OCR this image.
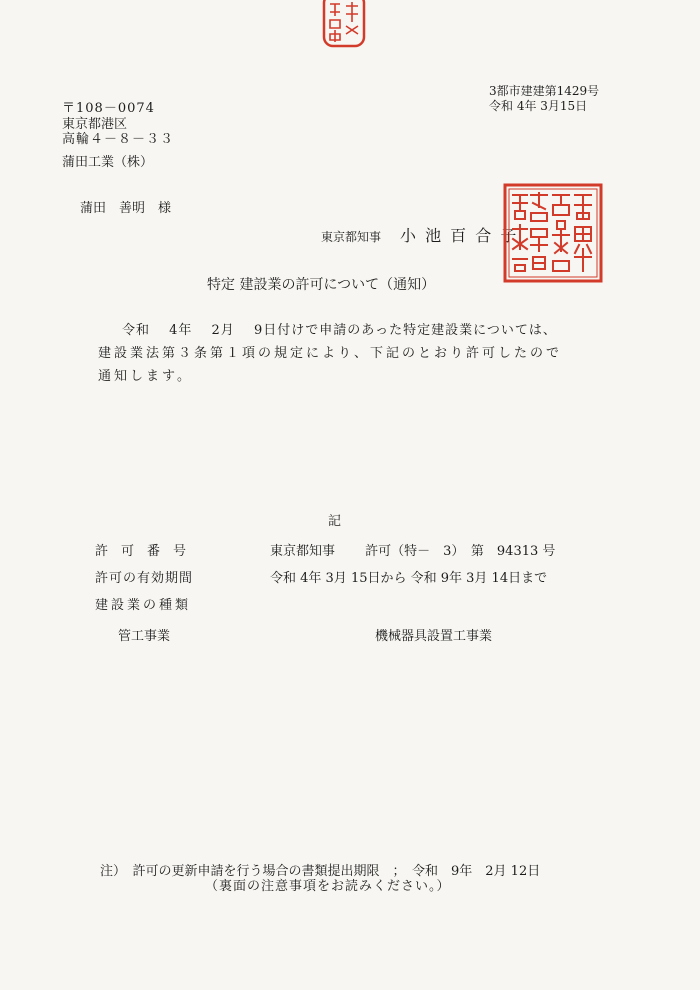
3都市建建第1429号
令和 4年 3月15日
〒108－0074
東京都港区
高輪４－８－３３
蒲田工業（株）
蒲田　善明　様
東京都知事 小 池 百 合 子
特定 建設業の許可について（通知）
令和　 4年　 2月　 9日付けで申請のあった特定建設業については、
建設業法第３条第１項の規定により、下記のとおり許可したので
通知します。
記
許　可　番　号	東京都知事　　 許可（特－　3）　第　94313 号
許可の有効期間	令和 4年 3月 15日から 令和 9年 3月 14日まで
建設業の種類
管工事業	機械器具設置工事業
注）　許可の更新申請を行う場合の書類提出期限　；　令和　9年　2月 12日
（裏面の注意事項をお読みください。）
